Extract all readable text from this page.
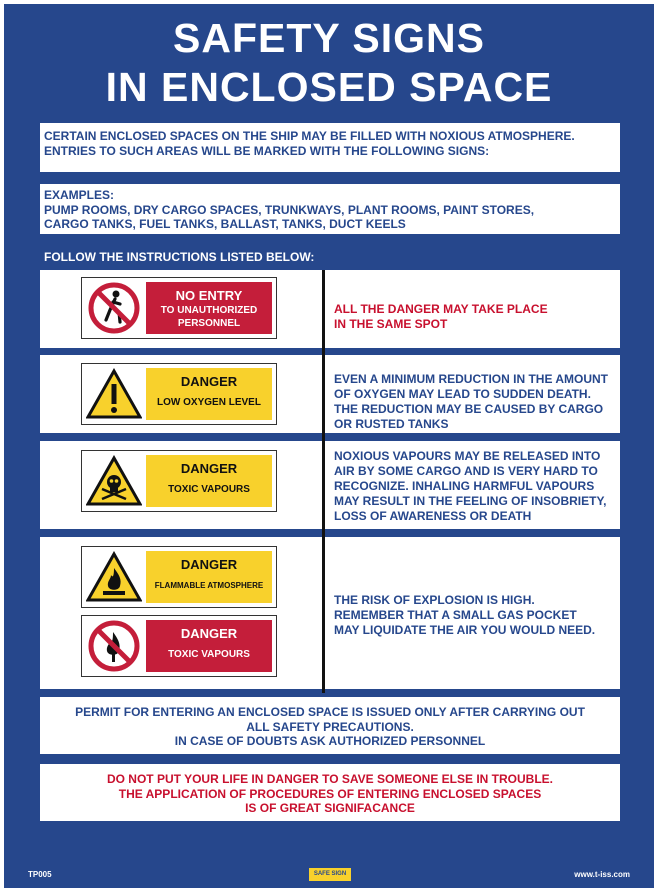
SAFETY SIGNS
IN ENCLOSED SPACE
CERTAIN ENCLOSED SPACES ON THE SHIP MAY BE FILLED WITH NOXIOUS ATMOSPHERE.
ENTRIES TO SUCH AREAS WILL BE MARKED WITH THE FOLLOWING SIGNS:
EXAMPLES:
PUMP ROOMS, DRY CARGO SPACES, TRUNKWAYS, PLANT ROOMS, PAINT STORES,
CARGO TANKS, FUEL TANKS, BALLAST, TANKS, DUCT KEELS
FOLLOW THE INSTRUCTIONS LISTED BELOW:
NO ENTRY
TO UNAUTHORIZED
PERSONNEL
ALL THE DANGER MAY TAKE PLACE
IN THE SAME SPOT
DANGER
LOW OXYGEN LEVEL
EVEN A MINIMUM REDUCTION IN THE AMOUNT
OF OXYGEN MAY LEAD TO SUDDEN DEATH.
THE REDUCTION MAY BE CAUSED BY CARGO
OR RUSTED TANKS
DANGER
TOXIC VAPOURS
NOXIOUS VAPOURS MAY BE RELEASED INTO
AIR BY SOME CARGO AND IS VERY HARD TO
RECOGNIZE. INHALING HARMFUL VAPOURS
MAY RESULT IN THE FEELING OF INSOBRIETY,
LOSS OF AWARENESS OR DEATH
DANGER
FLAMMABLE ATMOSPHERE
DANGER
TOXIC VAPOURS
THE RISK OF EXPLOSION IS HIGH.
REMEMBER THAT A SMALL GAS POCKET
MAY LIQUIDATE THE AIR YOU WOULD NEED.
PERMIT FOR ENTERING AN ENCLOSED SPACE IS ISSUED ONLY AFTER CARRYING OUT
ALL SAFETY PRECAUTIONS.
IN CASE OF DOUBTS ASK AUTHORIZED PERSONNEL
DO NOT PUT YOUR LIFE IN DANGER TO SAVE SOMEONE ELSE IN TROUBLE.
THE APPLICATION OF PROCEDURES OF ENTERING ENCLOSED SPACES
IS OF GREAT SIGNIFACANCE
TP005	SAFE SIGN	www.t-iss.com
